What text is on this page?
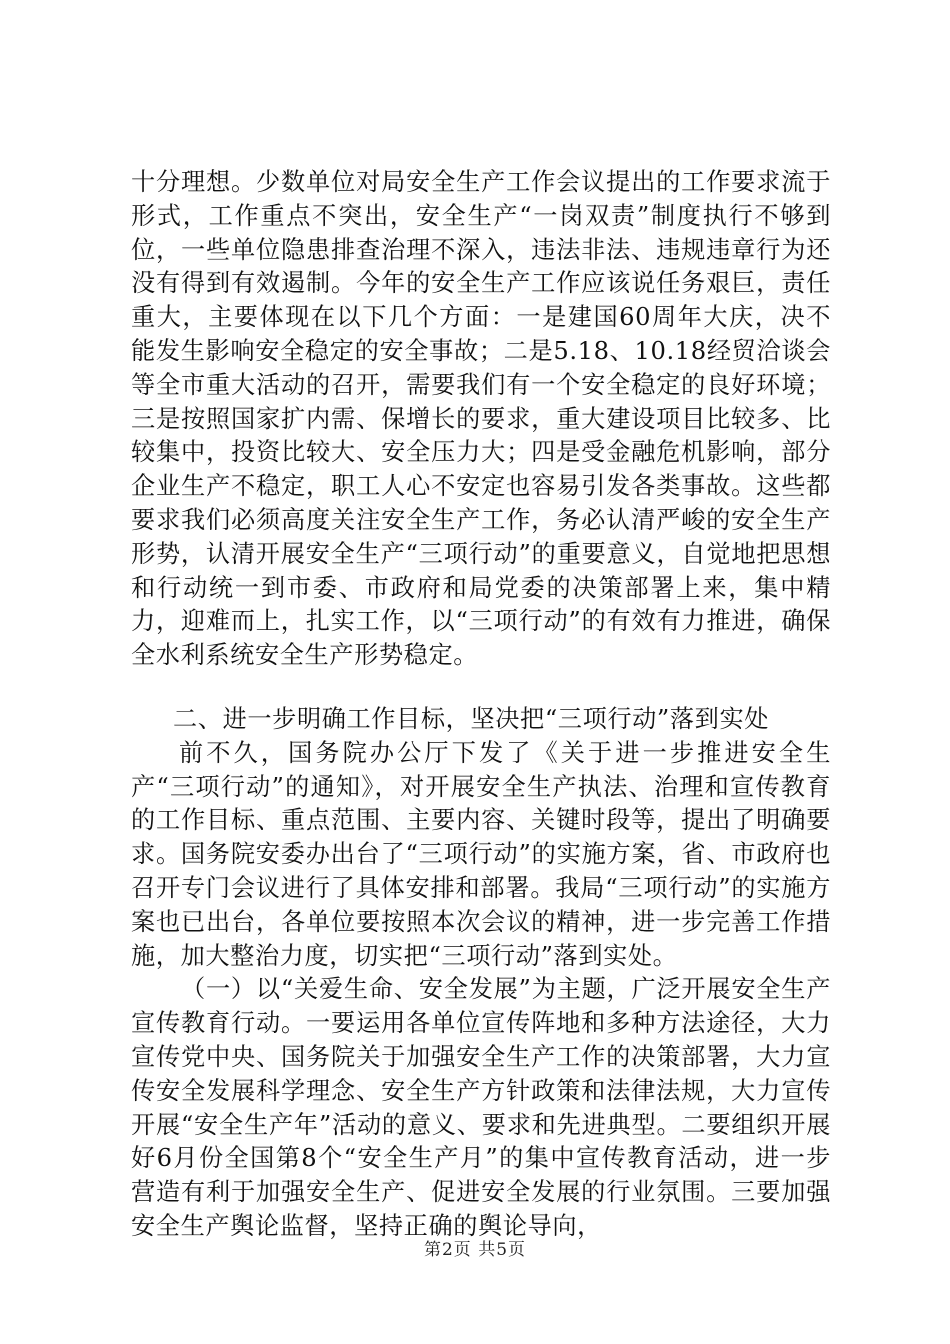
十分理想。少数单位对局安全生产工作会议提出的工作要求流于形式，工作重点不突出，安全生产“一岗双责”制度执行不够到位，一些单位隐患排查治理不深入，违法非法、违规违章行为还没有得到有效遏制。今年的安全生产工作应该说任务艰巨，责任重大，主要体现在以下几个方面：一是建国60周年大庆，决不能发生影响安全稳定的安全事故；二是5.18、10.18经贸洽谈会等全市重大活动的召开，需要我们有一个安全稳定的良好环境；三是按照国家扩内需、保增长的要求，重大建设项目比较多、比较集中，投资比较大、安全压力大；四是受金融危机影响，部分企业生产不稳定，职工人心不安定也容易引发各类事故。这些都要求我们必须高度关注安全生产工作，务必认清严峻的安全生产形势，认清开展安全生产“三项行动”的重要意义，自觉地把思想和行动统一到市委、市政府和局党委的决策部署上来，集中精力，迎难而上，扎实工作，以“三项行动”的有效有力推进，确保全水利系统安全生产形势稳定。

二、进一步明确工作目标，坚决把“三项行动”落到实处

前不久，国务院办公厅下发了《关于进一步推进安全生产“三项行动”的通知》，对开展安全生产执法、治理和宣传教育的工作目标、重点范围、主要内容、关键时段等，提出了明确要求。国务院安委办出台了“三项行动”的实施方案，省、市政府也召开专门会议进行了具体安排和部署。我局“三项行动”的实施方案也已出台，各单位要按照本次会议的精神，进一步完善工作措施，加大整治力度，切实把“三项行动”落到实处。

（一）以“关爱生命、安全发展”为主题，广泛开展安全生产宣传教育行动。一要运用各单位宣传阵地和多种方法途径，大力宣传党中央、国务院关于加强安全生产工作的决策部署，大力宣传安全发展科学理念、安全生产方针政策和法律法规，大力宣传开展“安全生产年”活动的意义、要求和先进典型。二要组织开展好6月份全国第8个“安全生产月”的集中宣传教育活动，进一步营造有利于加强安全生产、促进安全发展的行业氛围。三要加强安全生产舆论监督，坚持正确的舆论导向，

第2页 共5页
